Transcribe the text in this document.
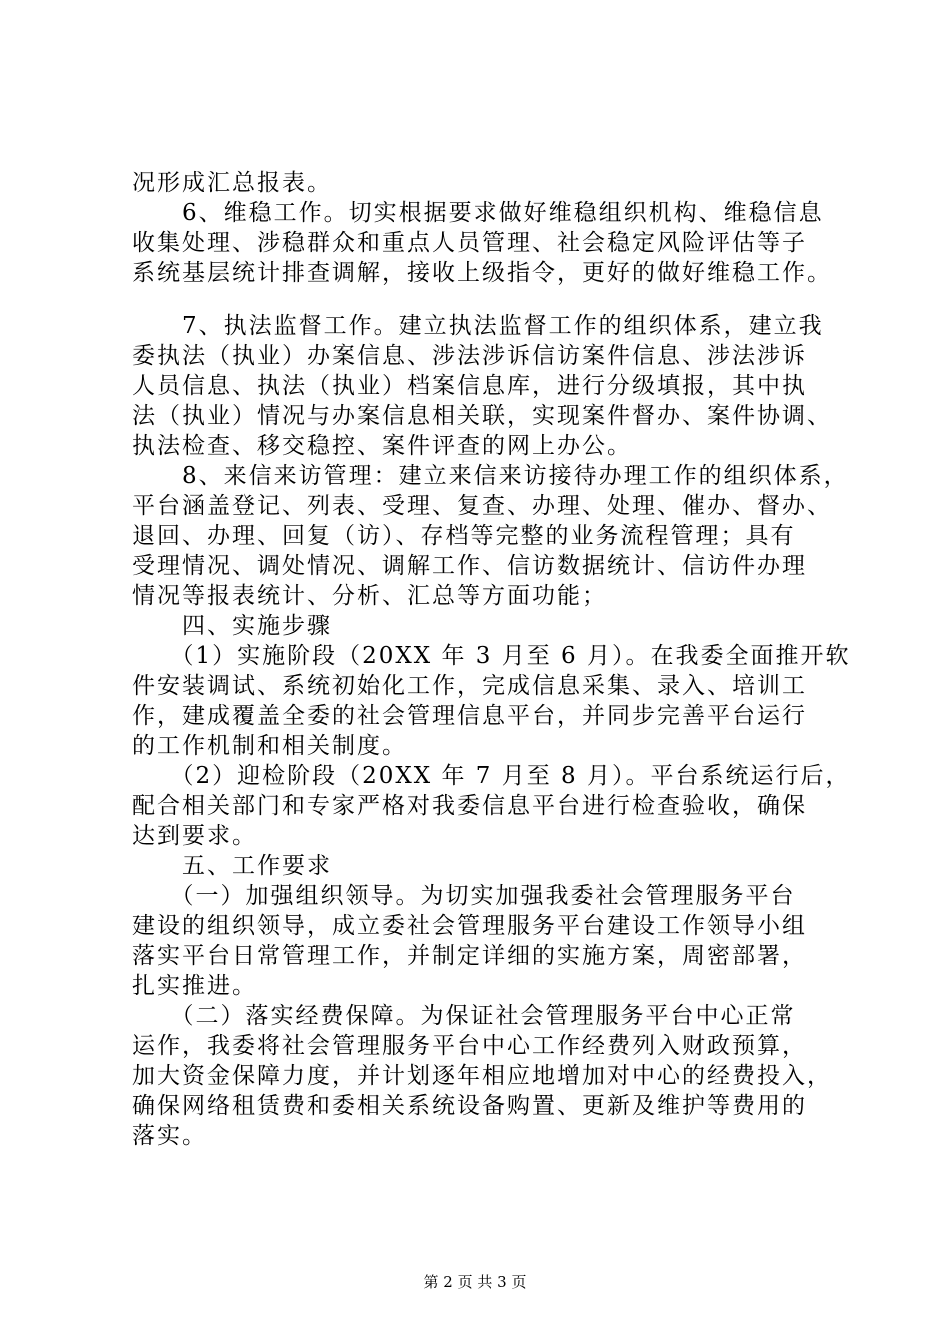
况形成汇总报表。
　　6、维稳工作。切实根据要求做好维稳组织机构、维稳信息
收集处理、涉稳群众和重点人员管理、社会稳定风险评估等子
系统基层统计排查调解，接收上级指令，更好的做好维稳工作。
　　7、执法监督工作。建立执法监督工作的组织体系，建立我
委执法（执业）办案信息、涉法涉诉信访案件信息、涉法涉诉
人员信息、执法（执业）档案信息库，进行分级填报，其中执
法（执业）情况与办案信息相关联，实现案件督办、案件协调、
执法检查、移交稳控、案件评查的网上办公。
　　8、来信来访管理：建立来信来访接待办理工作的组织体系，
平台涵盖登记、列表、受理、复查、办理、处理、催办、督办、
退回、办理、回复（访）、存档等完整的业务流程管理；具有
受理情况、调处情况、调解工作、信访数据统计、信访件办理
情况等报表统计、分析、汇总等方面功能；
　　四、实施步骤
　　（1）实施阶段（20XX 年 3 月至 6 月）。在我委全面推开软
件安装调试、系统初始化工作，完成信息采集、录入、培训工
作，建成覆盖全委的社会管理信息平台，并同步完善平台运行
的工作机制和相关制度。
　　（2）迎检阶段（20XX 年 7 月至 8 月）。平台系统运行后，
配合相关部门和专家严格对我委信息平台进行检查验收，确保
达到要求。
　　五、工作要求
　　（一）加强组织领导。为切实加强我委社会管理服务平台
建设的组织领导，成立委社会管理服务平台建设工作领导小组
落实平台日常管理工作，并制定详细的实施方案，周密部署，
扎实推进。
　　（二）落实经费保障。为保证社会管理服务平台中心正常
运作，我委将社会管理服务平台中心工作经费列入财政预算，
加大资金保障力度，并计划逐年相应地增加对中心的经费投入，
确保网络租赁费和委相关系统设备购置、更新及维护等费用的
落实。
第 2 页 共 3 页
